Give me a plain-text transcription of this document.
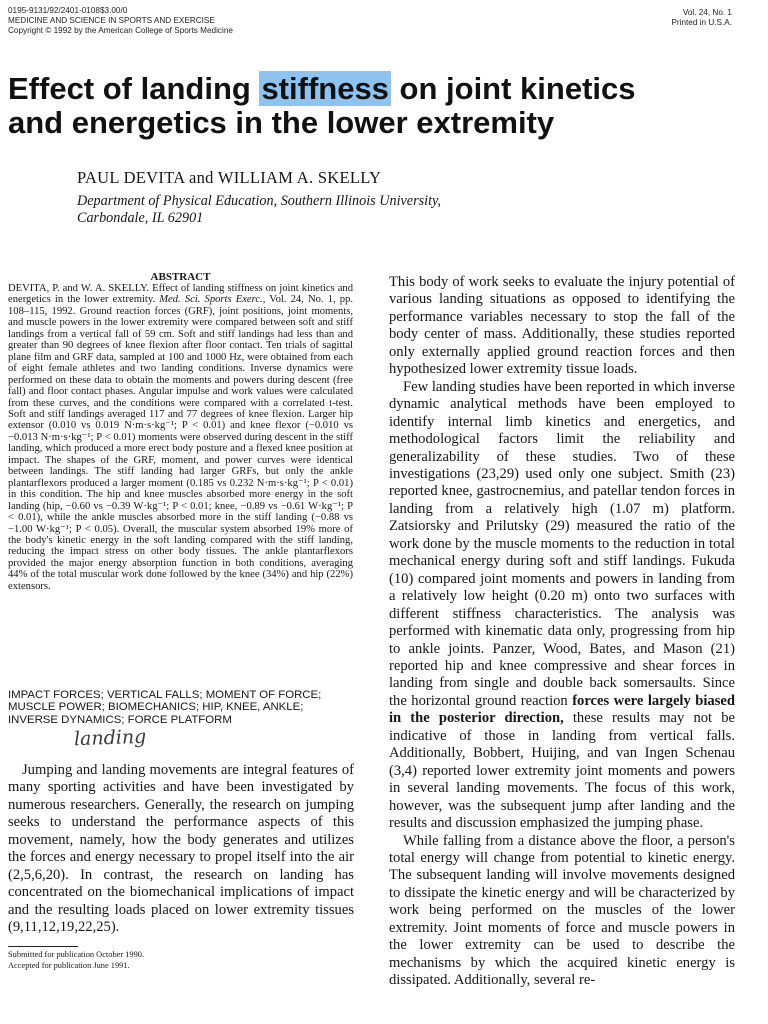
0195-9131/92/2401-0108$3.00/0
MEDICINE AND SCIENCE IN SPORTS AND EXERCISE
Copyright © 1992 by the American College of Sports Medicine
Vol. 24, No. 1
Printed in U.S.A.
Effect of landing stiffness on joint kinetics
and energetics in the lower extremity
PAUL DEVITA and WILLIAM A. SKELLY
Department of Physical Education, Southern Illinois University,
Carbondale, IL 62901
ABSTRACT
DEVITA, P. and W. A. SKELLY. Effect of landing stiffness on joint kinetics and energetics in the lower extremity. Med. Sci. Sports Exerc., Vol. 24, No. 1, pp. 108–115, 1992. Ground reaction forces (GRF), joint positions, joint moments, and muscle powers in the lower extremity were compared between soft and stiff landings from a vertical fall of 59 cm. Soft and stiff landings had less than and greater than 90 degrees of knee flexion after floor contact. Ten trials of sagittal plane film and GRF data, sampled at 100 and 1000 Hz, were obtained from each of eight female athletes and two landing conditions. Inverse dynamics were performed on these data to obtain the moments and powers during descent (free fall) and floor contact phases. Angular impulse and work values were calculated from these curves, and the conditions were compared with a correlated t-test. Soft and stiff landings averaged 117 and 77 degrees of knee flexion. Larger hip extensor (0.010 vs 0.019 N·m·s·kg⁻¹; P < 0.01) and knee flexor (−0.010 vs −0.013 N·m·s·kg⁻¹; P < 0.01) moments were observed during descent in the stiff landing, which produced a more erect body posture and a flexed knee position at impact. The shapes of the GRF, moment, and power curves were identical between landings. The stiff landing had larger GRFs, but only the ankle plantarflexors produced a larger moment (0.185 vs 0.232 N·m·s·kg⁻¹; P < 0.01) in this condition. The hip and knee muscles absorbed more energy in the soft landing (hip, −0.60 vs −0.39 W·kg⁻¹; P < 0.01; knee, −0.89 vs −0.61 W·kg⁻¹; P < 0.01), while the ankle muscles absorbed more in the stiff landing (−0.88 vs −1.00 W·kg⁻¹; P < 0.05). Overall, the muscular system absorbed 19% more of the body's kinetic energy in the soft landing compared with the stiff landing, reducing the impact stress on other body tissues. The ankle plantarflexors provided the major energy absorption function in both conditions, averaging 44% of the total muscular work done followed by the knee (34%) and hip (22%) extensors.
IMPACT FORCES; VERTICAL FALLS; MOMENT OF FORCE; MUSCLE POWER; BIOMECHANICS; HIP, KNEE, ANKLE; INVERSE DYNAMICS; FORCE PLATFORM
landing

Jumping and landing movements are integral features of many sporting activities and have been investigated by numerous researchers. Generally, the research on jumping seeks to understand the performance aspects of this movement, namely, how the body generates and utilizes the forces and energy necessary to propel itself into the air (2,5,6,20). In contrast, the research on landing has concentrated on the biomechanical implications of impact and the resulting loads placed on lower extremity tissues (9,11,12,19,22,25).

This body of work seeks to evaluate the injury potential of various landing situations as opposed to identifying the performance variables necessary to stop the fall of the body center of mass. Additionally, these studies reported only externally applied ground reaction forces and then hypothesized lower extremity tissue loads.

Few landing studies have been reported in which inverse dynamic analytical methods have been employed to identify internal limb kinetics and energetics, and methodological factors limit the reliability and generalizability of these studies. Two of these investigations (23,29) used only one subject. Smith (23) reported knee, gastrocnemius, and patellar tendon forces in landing from a relatively high (1.07 m) platform. Zatsiorsky and Prilutsky (29) measured the ratio of the work done by the muscle moments to the reduction in total mechanical energy during soft and stiff landings. Fukuda (10) compared joint moments and powers in landing from a relatively low height (0.20 m) onto two surfaces with different stiffness characteristics. The analysis was performed with kinematic data only, progressing from hip to ankle joints. Panzer, Wood, Bates, and Mason (21) reported hip and knee compressive and shear forces in landing from single and double back somersaults. Since the horizontal ground reaction forces were largely biased in the posterior direction, these results may not be indicative of those in landing from vertical falls. Additionally, Bobbert, Huijing, and van Ingen Schenau (3,4) reported lower extremity joint moments and powers in several landing movements. The focus of this work, however, was the subsequent jump after landing and the results and discussion emphasized the jumping phase.

While falling from a distance above the floor, a person's total energy will change from potential to kinetic energy. The subsequent landing will involve movements designed to dissipate the kinetic energy and will be characterized by work being performed on the muscles of the lower extremity. Joint moments of force and muscle powers in the lower extremity can be used to describe the mechanisms by which the acquired kinetic energy is dissipated. Additionally, several re-

Submitted for publication October 1990.
Accepted for publication June 1991.
